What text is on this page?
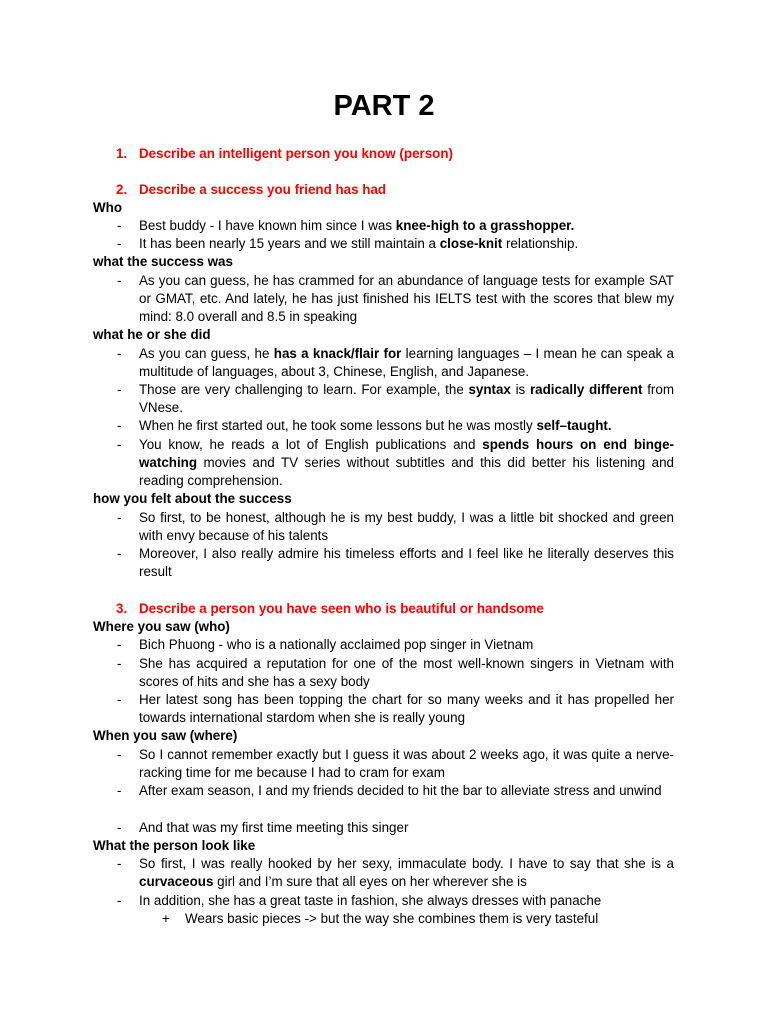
PART 2
1. Describe an intelligent person you know (person)
2. Describe a success you friend has had
Who
- Best buddy - I have known him since I was knee-high to a grasshopper.
- It has been nearly 15 years and we still maintain a close-knit relationship.
what the success was
- As you can guess, he has crammed for an abundance of language tests for example SAT or GMAT, etc. And lately, he has just finished his IELTS test with the scores that blew my mind: 8.0 overall and 8.5 in speaking
what he or she did
- As you can guess, he has a knack/flair for learning languages – I mean he can speak a multitude of languages, about 3, Chinese, English, and Japanese.
- Those are very challenging to learn. For example, the syntax is radically different from VNese.
- When he first started out, he took some lessons but he was mostly self–taught.
- You know, he reads a lot of English publications and spends hours on end binge-watching movies and TV series without subtitles and this did better his listening and reading comprehension.
how you felt about the success
- So first, to be honest, although he is my best buddy, I was a little bit shocked and green with envy because of his talents
- Moreover, I also really admire his timeless efforts and I feel like he literally deserves this result
3. Describe a person you have seen who is beautiful or handsome
Where you saw (who)
- Bich Phuong - who is a nationally acclaimed pop singer in Vietnam
- She has acquired a reputation for one of the most well-known singers in Vietnam with scores of hits and she has a sexy body
- Her latest song has been topping the chart for so many weeks and it has propelled her towards international stardom when she is really young
When you saw (where)
- So I cannot remember exactly but I guess it was about 2 weeks ago, it was quite a nerve-racking time for me because I had to cram for exam
- After exam season, I and my friends decided to hit the bar to alleviate stress and unwind
- And that was my first time meeting this singer
What the person look like
- So first, I was really hooked by her sexy, immaculate body. I have to say that she is a curvaceous girl and I’m sure that all eyes on her wherever she is
- In addition, she has a great taste in fashion, she always dresses with panache
+ Wears basic pieces -> but the way she combines them is very tasteful
